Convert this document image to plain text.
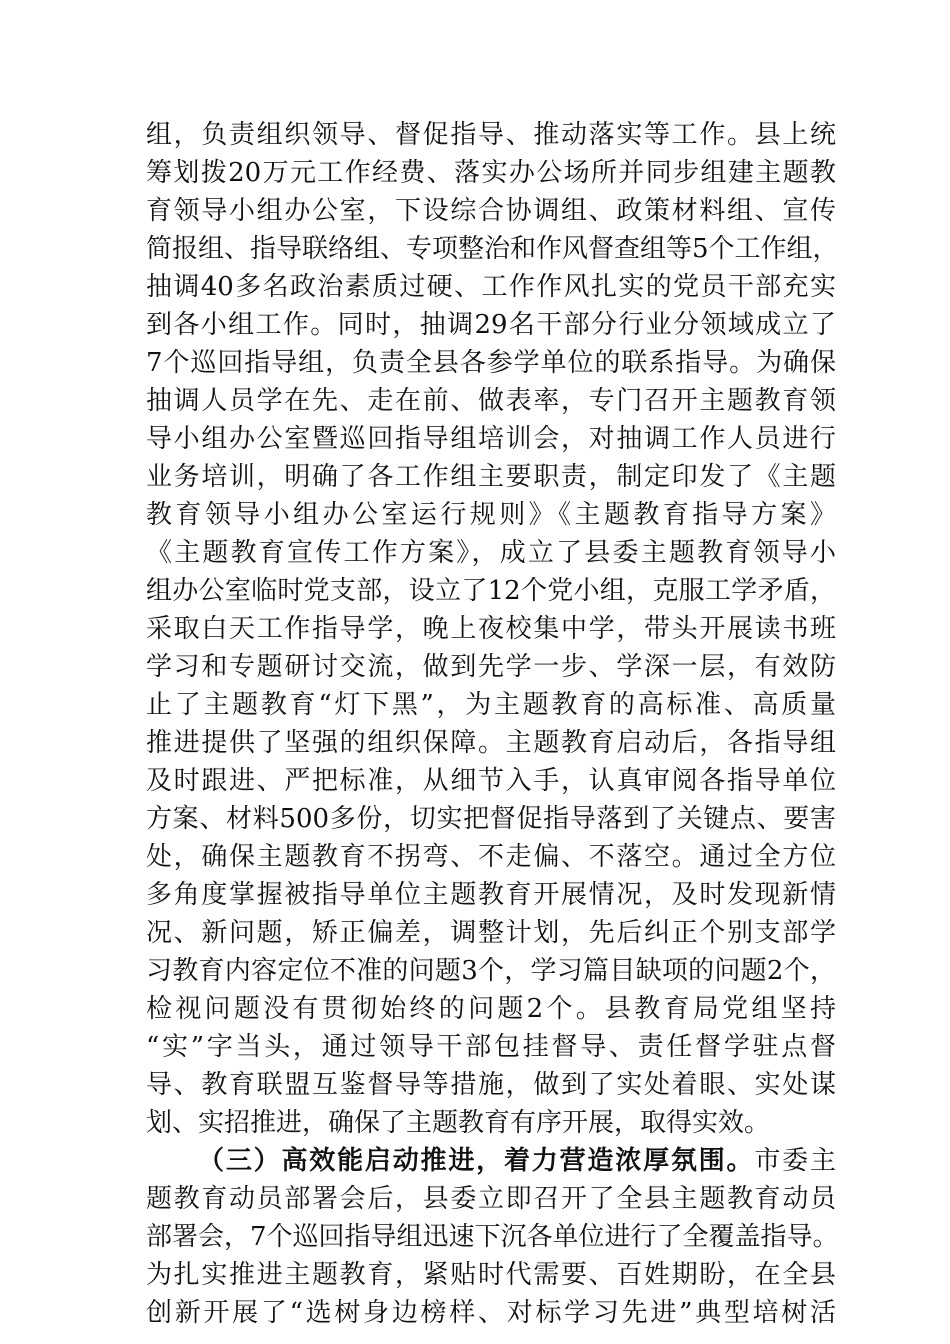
组，负责组织领导、督促指导、推动落实等工作。县上统
筹划拨20万元工作经费、落实办公场所并同步组建主题教
育领导小组办公室，下设综合协调组、政策材料组、宣传
简报组、指导联络组、专项整治和作风督查组等5个工作组，
抽调40多名政治素质过硬、工作作风扎实的党员干部充实
到各小组工作。同时，抽调29名干部分行业分领域成立了
7个巡回指导组，负责全县各参学单位的联系指导。为确保
抽调人员学在先、走在前、做表率，专门召开主题教育领
导小组办公室暨巡回指导组培训会，对抽调工作人员进行
业务培训，明确了各工作组主要职责，制定印发了《主题
教育领导小组办公室运行规则》《主题教育指导方案》
《主题教育宣传工作方案》，成立了县委主题教育领导小
组办公室临时党支部，设立了12个党小组，克服工学矛盾，
采取白天工作指导学，晚上夜校集中学，带头开展读书班
学习和专题研讨交流，做到先学一步、学深一层，有效防
止了主题教育“灯下黑”，为主题教育的高标准、高质量
推进提供了坚强的组织保障。主题教育启动后，各指导组
及时跟进、严把标准，从细节入手，认真审阅各指导单位
方案、材料500多份，切实把督促指导落到了关键点、要害
处，确保主题教育不拐弯、不走偏、不落空。通过全方位
多角度掌握被指导单位主题教育开展情况，及时发现新情
况、新问题，矫正偏差，调整计划，先后纠正个别支部学
习教育内容定位不准的问题3个，学习篇目缺项的问题2个，
检视问题没有贯彻始终的问题2个。县教育局党组坚持
“实”字当头，通过领导干部包挂督导、责任督学驻点督
导、教育联盟互鉴督导等措施，做到了实处着眼、实处谋
划、实招推进，确保了主题教育有序开展，取得实效。
（三）高效能启动推进，着力营造浓厚氛围。市委主
题教育动员部署会后，县委立即召开了全县主题教育动员
部署会，7个巡回指导组迅速下沉各单位进行了全覆盖指导。
为扎实推进主题教育，紧贴时代需要、百姓期盼，在全县
创新开展了“选树身边榜样、对标学习先进”典型培树活
